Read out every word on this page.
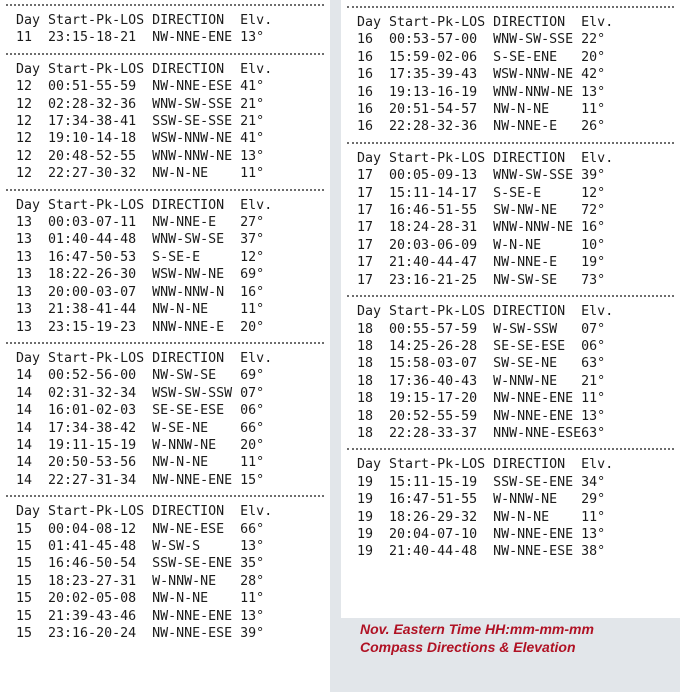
Day Start-Pk-LOS DIRECTION  Elv.
11  23:15-18-21  NW-NNE-ENE 13°
Day Start-Pk-LOS DIRECTION  Elv.
12  00:51-55-59  NW-NNE-ESE 41°
12  02:28-32-36  WNW-SW-SSE 21°
12  17:34-38-41  SSW-SE-SSE 21°
12  19:10-14-18  WSW-NNW-NE 41°
12  20:48-52-55  WNW-NNW-NE 13°
12  22:27-30-32  NW-N-NE    11°
Day Start-Pk-LOS DIRECTION  Elv.
13  00:03-07-11  NW-NNE-E   27°
13  01:40-44-48  WNW-SW-SE  37°
13  16:47-50-53  S-SE-E     12°
13  18:22-26-30  WSW-NW-NE  69°
13  20:00-03-07  WNW-NNW-N  16°
13  21:38-41-44  NW-N-NE    11°
13  23:15-19-23  NNW-NNE-E  20°
Day Start-Pk-LOS DIRECTION  Elv.
14  00:52-56-00  NW-SW-SE   69°
14  02:31-32-34  WSW-SW-SSW 07°
14  16:01-02-03  SE-SE-ESE  06°
14  17:34-38-42  W-SE-NE    66°
14  19:11-15-19  W-NNW-NE   20°
14  20:50-53-56  NW-N-NE    11°
14  22:27-31-34  NW-NNE-ENE 15°
Day Start-Pk-LOS DIRECTION  Elv.
15  00:04-08-12  NW-NE-ESE  66°
15  01:41-45-48  W-SW-S     13°
15  16:46-50-54  SSW-SE-ENE 35°
15  18:23-27-31  W-NNW-NE   28°
15  20:02-05-08  NW-N-NE    11°
15  21:39-43-46  NW-NNE-ENE 13°
15  23:16-20-24  NW-NNE-ESE 39°
Day Start-Pk-LOS DIRECTION  Elv.
16  00:53-57-00  WNW-SW-SSE 22°
16  15:59-02-06  S-SE-ENE   20°
16  17:35-39-43  WSW-NNW-NE 42°
16  19:13-16-19  WNW-NNW-NE 13°
16  20:51-54-57  NW-N-NE    11°
16  22:28-32-36  NW-NNE-E   26°
Day Start-Pk-LOS DIRECTION  Elv.
17  00:05-09-13  WNW-SW-SSE 39°
17  15:11-14-17  S-SE-E     12°
17  16:46-51-55  SW-NW-NE   72°
17  18:24-28-31  WNW-NNW-NE 16°
17  20:03-06-09  W-N-NE     10°
17  21:40-44-47  NW-NNE-E   19°
17  23:16-21-25  NW-SW-SE   73°
Day Start-Pk-LOS DIRECTION  Elv.
18  00:55-57-59  W-SW-SSW   07°
18  14:25-26-28  SE-SE-ESE  06°
18  15:58-03-07  SW-SE-NE   63°
18  17:36-40-43  W-NNW-NE   21°
18  19:15-17-20  NW-NNE-ENE 11°
18  20:52-55-59  NW-NNE-ENE 13°
18  22:28-33-37  NNW-NNE-ESE63°
Day Start-Pk-LOS DIRECTION  Elv.
19  15:11-15-19  SSW-SE-ENE 34°
19  16:47-51-55  W-NNW-NE   29°
19  18:26-29-32  NW-N-NE    11°
19  20:04-07-10  NW-NNE-ENE 13°
19  21:40-44-48  NW-NNE-ESE 38°
Nov. Eastern Time HH:mm-mm-mm
Compass Directions & Elevation
